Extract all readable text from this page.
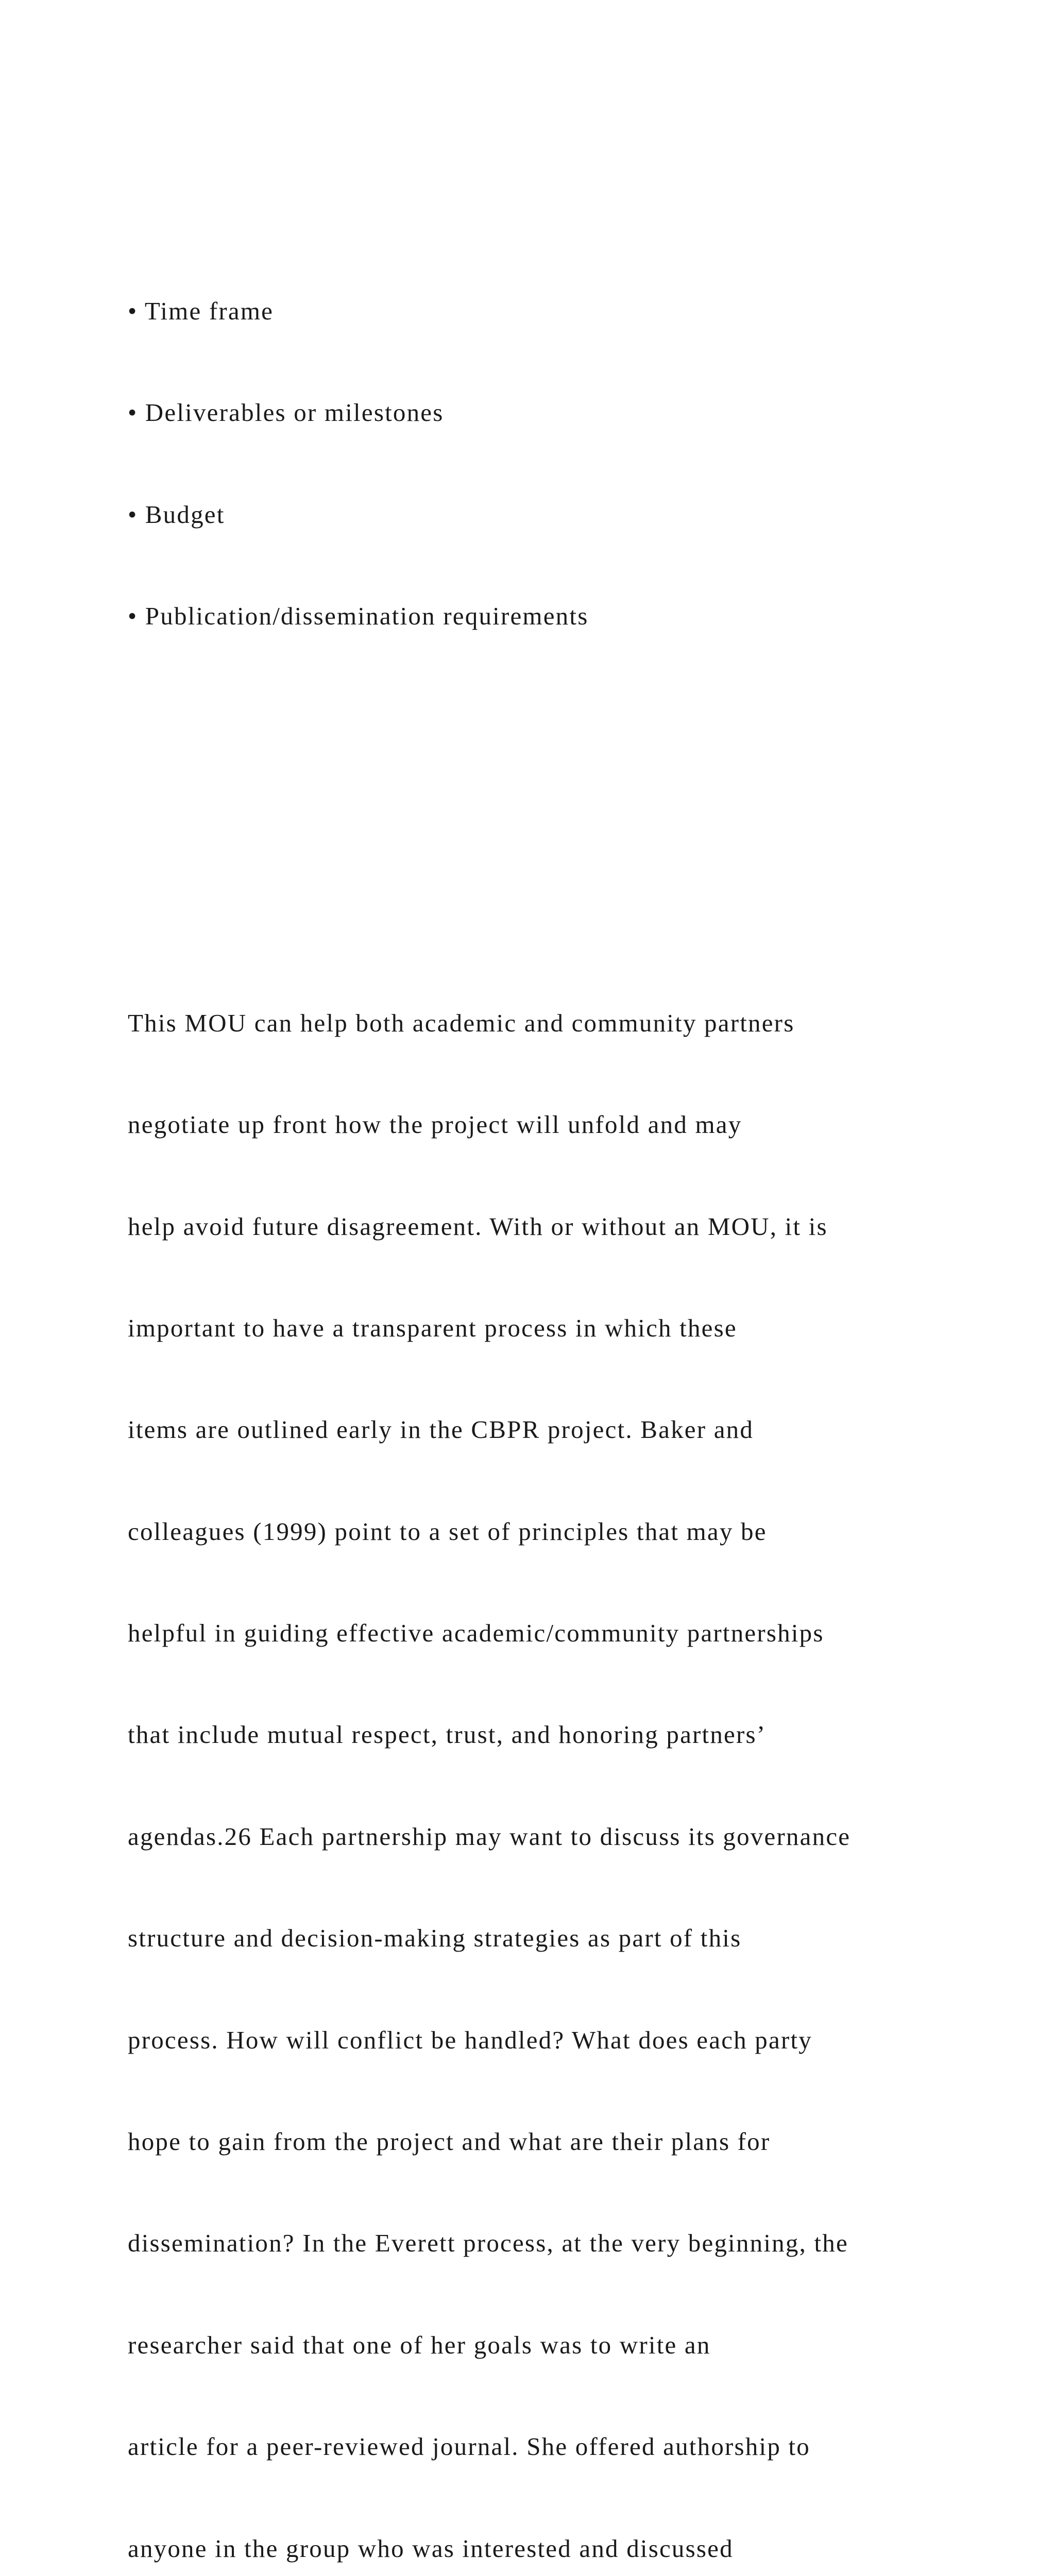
• Time frame

• Deliverables or milestones

• Budget

• Publication/dissemination requirements

This MOU can help both academic and community partners

negotiate up front how the project will unfold and may

help avoid future disagreement. With or without an MOU, it is

important to have a transparent process in which these

items are outlined early in the CBPR project. Baker and

colleagues (1999) point to a set of principles that may be

helpful in guiding effective academic/community partnerships

that include mutual respect, trust, and honoring partners’

agendas.26 Each partnership may want to discuss its governance

structure and decision-making strategies as part of this

process. How will conflict be handled? What does each party

hope to gain from the project and what are their plans for

dissemination? In the Everett process, at the very beginning, the

researcher said that one of her goals was to write an

article for a peer-reviewed journal. She offered authorship to

anyone in the group who was interested and discussed
